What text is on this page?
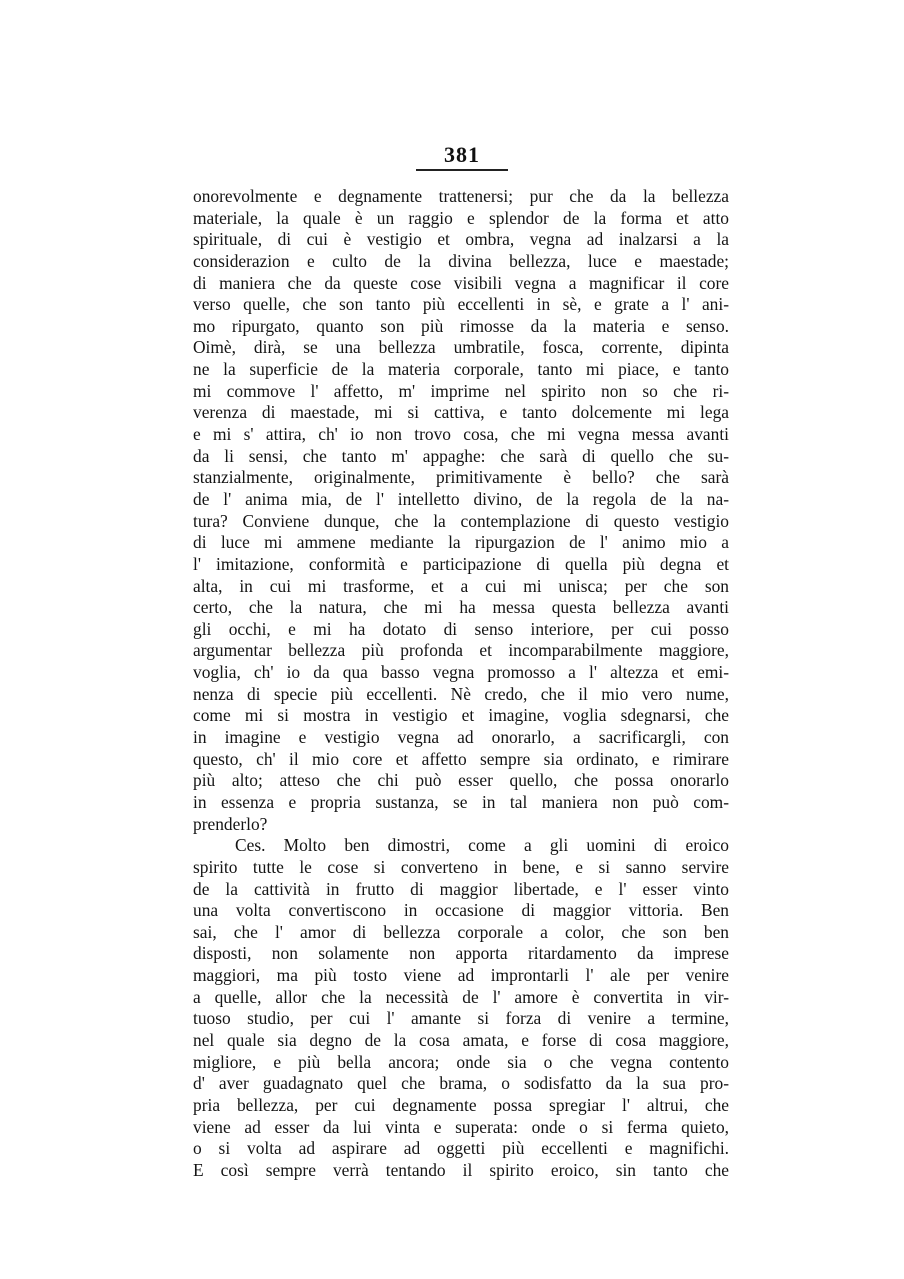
381
onorevolmente e degnamente trattenersi; pur che da la bellezza
materiale, la quale è un raggio e splendor de la forma et atto
spirituale, di cui è vestigio et ombra, vegna ad inalzarsi a la
considerazion e culto de la divina bellezza, luce e maestade;
di maniera che da queste cose visibili vegna a magnificar il core
verso quelle, che son tanto più eccellenti in sè, e grate a l' ani-
mo ripurgato, quanto son più rimosse da la materia e senso.
Oimè, dirà, se una bellezza umbratile, fosca, corrente, dipinta
ne la superficie de la materia corporale, tanto mi piace, e tanto
mi commove l' affetto, m' imprime nel spirito non so che ri-
verenza di maestade, mi si cattiva, e tanto dolcemente mi lega
e mi s' attira, ch' io non trovo cosa, che mi vegna messa avanti
da li sensi, che tanto m' appaghe: che sarà di quello che su-
stanzialmente, originalmente, primitivamente è bello? che sarà
de l' anima mia, de l' intelletto divino, de la regola de la na-
tura? Conviene dunque, che la contemplazione di questo vestigio
di luce mi ammene mediante la ripurgazion de l' animo mio a
l' imitazione, conformità e participazione di quella più degna et
alta, in cui mi trasforme, et a cui mi unisca; per che son
certo, che la natura, che mi ha messa questa bellezza avanti
gli occhi, e mi ha dotato di senso interiore, per cui posso
argumentar bellezza più profonda et incomparabilmente maggiore,
voglia, ch' io da qua basso vegna promosso a l' altezza et emi-
nenza di specie più eccellenti. Nè credo, che il mio vero nume,
come mi si mostra in vestigio et imagine, voglia sdegnarsi, che
in imagine e vestigio vegna ad onorarlo, a sacrificargli, con
questo, ch' il mio core et affetto sempre sia ordinato, e rimirare
più alto; atteso che chi può esser quello, che possa onorarlo
in essenza e propria sustanza, se in tal maniera non può com-
prenderlo?
Ces. Molto ben dimostri, come a gli uomini di eroico
spirito tutte le cose si converteno in bene, e si sanno servire
de la cattività in frutto di maggior libertade, e l' esser vinto
una volta convertiscono in occasione di maggior vittoria. Ben
sai, che l' amor di bellezza corporale a color, che son ben
disposti, non solamente non apporta ritardamento da imprese
maggiori, ma più tosto viene ad improntarli l' ale per venire
a quelle, allor che la necessità de l' amore è convertita in vir-
tuoso studio, per cui l' amante si forza di venire a termine,
nel quale sia degno de la cosa amata, e forse di cosa maggiore,
migliore, e più bella ancora; onde sia o che vegna contento
d' aver guadagnato quel che brama, o sodisfatto da la sua pro-
pria bellezza, per cui degnamente possa spregiar l' altrui, che
viene ad esser da lui vinta e superata: onde o si ferma quieto,
o si volta ad aspirare ad oggetti più eccellenti e magnifichi.
E così sempre verrà tentando il spirito eroico, sin tanto che
